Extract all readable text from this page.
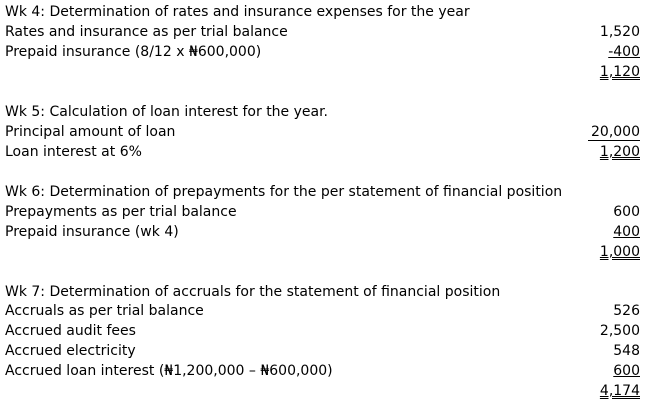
Wk 4: Determination of rates and insurance expenses for the year
Rates and insurance as per trial balance	1,520
Prepaid insurance (8/12 x ₦600,000)	-400
1,120
Wk 5: Calculation of loan interest for the year.
Principal amount of loan	20,000
Loan interest at 6%	1,200
Wk 6: Determination of prepayments for the per statement of financial position
Prepayments as per trial balance	600
Prepaid insurance (wk 4)	400
1,000
Wk 7: Determination of accruals for the statement of financial position
Accruals as per trial balance	526
Accrued audit fees	2,500
Accrued electricity	548
Accrued loan interest (₦1,200,000 – ₦600,000)	600
4,174
